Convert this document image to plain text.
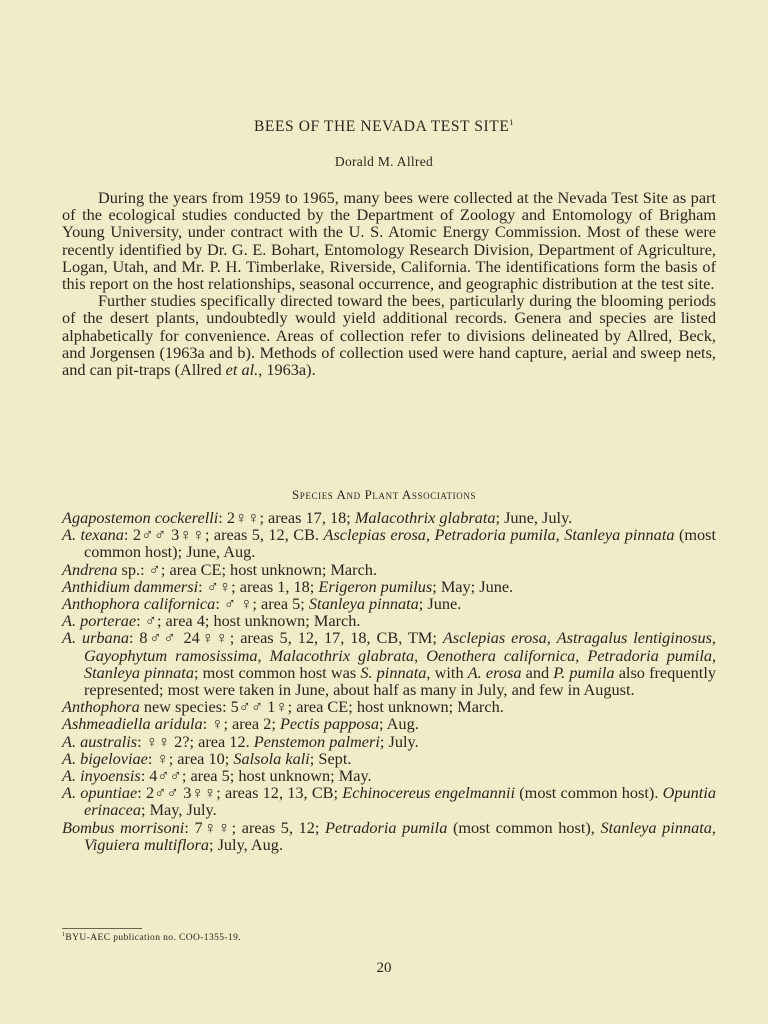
BEES OF THE NEVADA TEST SITE$^1$
Dorald M. Allred

During the years from 1959 to 1965, many bees were collected at the Nevada Test Site as part of the ecological studies conducted by the Department of Zoology and Entomology of Brigham Young University, under contract with the U. S. Atomic Energy Commission. Most of these were recently identified by Dr. G. E. Bohart, Entomology Research Division, Department of Agriculture, Logan, Utah, and Mr. P. H. Timberlake, Riverside, California. The identifications form the basis of this report on the host relationships, seasonal occurrence, and geographic distribution at the test site.

Further studies specifically directed toward the bees, particularly during the blooming periods of the desert plants, undoubtedly would yield additional records. Genera and species are listed alphabetically for convenience. Areas of collection refer to divisions delineated by Allred, Beck, and Jorgensen (1963a and b). Methods of collection used were hand capture, aerial and sweep nets, and can pit-traps (Allred et al., 1963a).

Species And Plant Associations
Agapostemon cockerelli: 2♀♀; areas 17, 18; Malacothrix glabrata; June, July.
A. texana: 2♂♂ 3♀♀; areas 5, 12, CB. Asclepias erosa, Petradoria pumila, Stanleya pinnata (most common host); June, Aug.
Andrena sp.: ♂; area CE; host unknown; March.
Anthidium dammersi: ♂♀; areas 1, 18; Erigeron pumilus; May; June.
Anthophora californica: ♂ ♀; area 5; Stanleya pinnata; June.
A. porterae: ♂; area 4; host unknown; March.
A. urbana: 8♂♂ 24♀♀; areas 5, 12, 17, 18, CB, TM; Asclepias erosa, Astragalus lentiginosus, Gayophytum ramosissima, Malacothrix glabrata, Oenothera californica, Petradoria pumila, Stanleya pinnata; most common host was S. pinnata, with A. erosa and P. pumila also frequently represented; most were taken in June, about half as many in July, and few in August.
Anthophora new species: 5♂♂ 1♀; area CE; host unknown; March.
Ashmeadiella aridula: ♀; area 2; Pectis papposa; Aug.
A. australis: ♀♀ 2?; area 12. Penstemon palmeri; July.
A. bigeloviae: ♀; area 10; Salsola kali; Sept.
A. inyoensis: 4♂♂; area 5; host unknown; May.
A. opuntiae: 2♂♂ 3♀♀; areas 12, 13, CB; Echinocereus engelmannii (most common host). Opuntia erinacea; May, July.
Bombus morrisoni: 7♀♀; areas 5, 12; Petradoria pumila (most common host), Stanleya pinnata, Viguiera multiflora; July, Aug.
$^1$BYU-AEC publication no. COO-1355-19.
20
